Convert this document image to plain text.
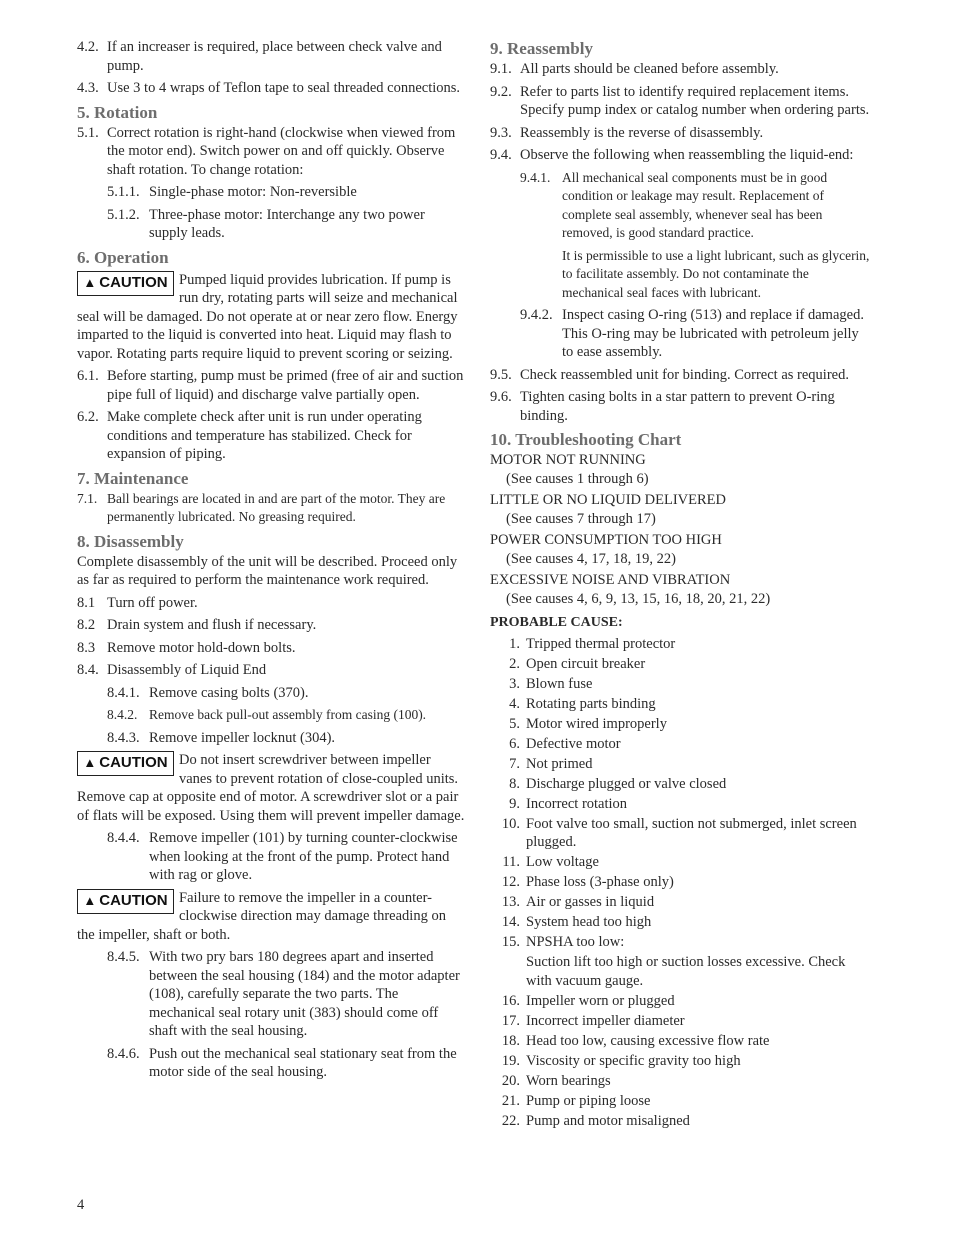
4.2. If an increaser is required, place between check valve and pump.
4.3. Use 3 to 4 wraps of Teflon tape to seal threaded connections.
5. Rotation
5.1. Correct rotation is right-hand (clockwise when viewed from the motor end). Switch power on and off quickly. Observe shaft rotation. To change rotation:
5.1.1. Single-phase motor: Non-reversible
5.1.2. Three-phase motor: Interchange any two power supply leads.
6. Operation
▲ CAUTION Pumped liquid provides lubrication. If pump is run dry, rotating parts will seize and mechanical seal will be damaged. Do not operate at or near zero flow. Energy imparted to the liquid is converted into heat. Liquid may flash to vapor. Rotating parts require liquid to prevent scoring or seizing.
6.1. Before starting, pump must be primed (free of air and suction pipe full of liquid) and discharge valve partially open.
6.2. Make complete check after unit is run under operating conditions and temperature has stabilized. Check for expansion of piping.
7. Maintenance
7.1. Ball bearings are located in and are part of the motor. They are permanently lubricated. No greasing required.
8. Disassembly

Complete disassembly of the unit will be described. Proceed only as far as required to perform the maintenance work required.

8.1 Turn off power.
8.2 Drain system and flush if necessary.
8.3 Remove motor hold-down bolts.
8.4. Disassembly of Liquid End
8.4.1. Remove casing bolts (370).
8.4.2. Remove back pull-out assembly from casing (100).
8.4.3. Remove impeller locknut (304).
▲ CAUTION Do not insert screwdriver between impeller vanes to prevent rotation of close-coupled units. Remove cap at opposite end of motor. A screwdriver slot or a pair of flats will be exposed. Using them will prevent impeller damage.
8.4.4. Remove impeller (101) by turning counter-clockwise when looking at the front of the pump. Protect hand with rag or glove.
▲ CAUTION Failure to remove the impeller in a counter-clockwise direction may damage threading on the impeller, shaft or both.
8.4.5. With two pry bars 180 degrees apart and inserted between the seal housing (184) and the motor adapter (108), carefully separate the two parts. The mechanical seal rotary unit (383) should come off shaft with the seal housing.
8.4.6. Push out the mechanical seal stationary seat from the motor side of the seal housing.
9. Reassembly
9.1. All parts should be cleaned before assembly.
9.2. Refer to parts list to identify required replacement items. Specify pump index or catalog number when ordering parts.
9.3. Reassembly is the reverse of disassembly.
9.4. Observe the following when reassembling the liquid-end:
9.4.1. All mechanical seal components must be in good condition or leakage may result. Replacement of complete seal assembly, whenever seal has been removed, is good standard practice.

It is permissible to use a light lubricant, such as glycerin, to facilitate assembly. Do not contaminate the mechanical seal faces with lubricant.

9.4.2. Inspect casing O-ring (513) and replace if damaged. This O-ring may be lubricated with petroleum jelly to ease assembly.
9.5. Check reassembled unit for binding. Correct as required.
9.6. Tighten casing bolts in a star pattern to prevent O-ring binding.
10. Troubleshooting Chart

MOTOR NOT RUNNING

(See causes 1 through 6)

LITTLE OR NO LIQUID DELIVERED

(See causes 7 through 17)

POWER CONSUMPTION TOO HIGH

(See causes 4, 17, 18, 19, 22)

EXCESSIVE NOISE AND VIBRATION

(See causes 4, 6, 9, 13, 15, 16, 18, 20, 21, 22)

PROBABLE CAUSE:
1. Tripped thermal protector
2. Open circuit breaker
3. Blown fuse
4. Rotating parts binding
5. Motor wired improperly
6. Defective motor
7. Not primed
8. Discharge plugged or valve closed
9. Incorrect rotation
10. Foot valve too small, suction not submerged, inlet screen plugged.
11. Low voltage
12. Phase loss (3-phase only)
13. Air or gasses in liquid
14. System head too high
15. NPSHA too low:
Suction lift too high or suction losses excessive. Check with vacuum gauge.
16. Impeller worn or plugged
17. Incorrect impeller diameter
18. Head too low, causing excessive flow rate
19. Viscosity or specific gravity too high
20. Worn bearings
21. Pump or piping loose
22. Pump and motor misaligned
4
